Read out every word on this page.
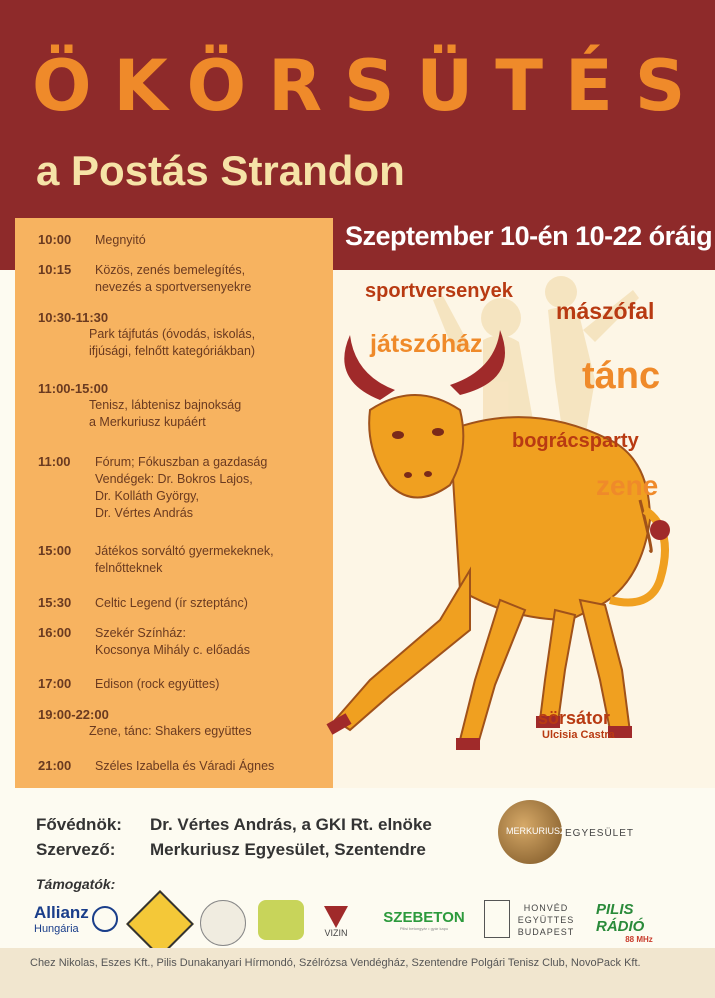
ÖKÖRSÜTÉS
a Postás Strandon
Szeptember 10-én 10-22 óráig
10:00	Megnyitó
10:15	Közös, zenés bemelegítés,
nevezés a sportversenyekre
10:30-11:30
Park tájfutás (óvodás, iskolás,
ifjúsági, felnőtt kategóriákban)
11:00-15:00
Tenisz, lábtenisz bajnokság
a Merkuriusz kupáért
11:00	Fórum; Fókuszban a gazdaság
Vendégek: Dr. Bokros Lajos,
Dr. Kolláth György,
Dr. Vértes András
15:00	Játékos sorváltó gyermekeknek,
felnőtteknek
15:30	Celtic Legend (ír szteptánc)
16:00	Szekér Színház:
Kocsonya Mihály c. előadás
17:00	Edison (rock együttes)
19:00-22:00
Zene, tánc: Shakers együttes
21:00	Széles Izabella és Váradi Ágnes
sportversenyek
mászófal
játszóház
tánc
bográcsparty
zene
sörsátor
Ulcisia Castra
Fővédnök: Dr. Vértes András, a GKI Rt. elnöke
Szervező: Merkuriusz Egyesület, Szentendre
MERKURIUSZ EGYESÜLET
Támogatók:
Allianz
Hungária	VIZIN
SZEBETON
Pilisi betongyár • gyár kapu
HONVÉD EGYÜTTES BUDAPEST
PILIS RÁDIÓ
88 MHz
Chez Nikolas, Eszes Kft., Pilis Dunakanyari Hírmondó, Szélrózsa Vendégház, Szentendre Polgári Tenisz Club, NovoPack Kft.
